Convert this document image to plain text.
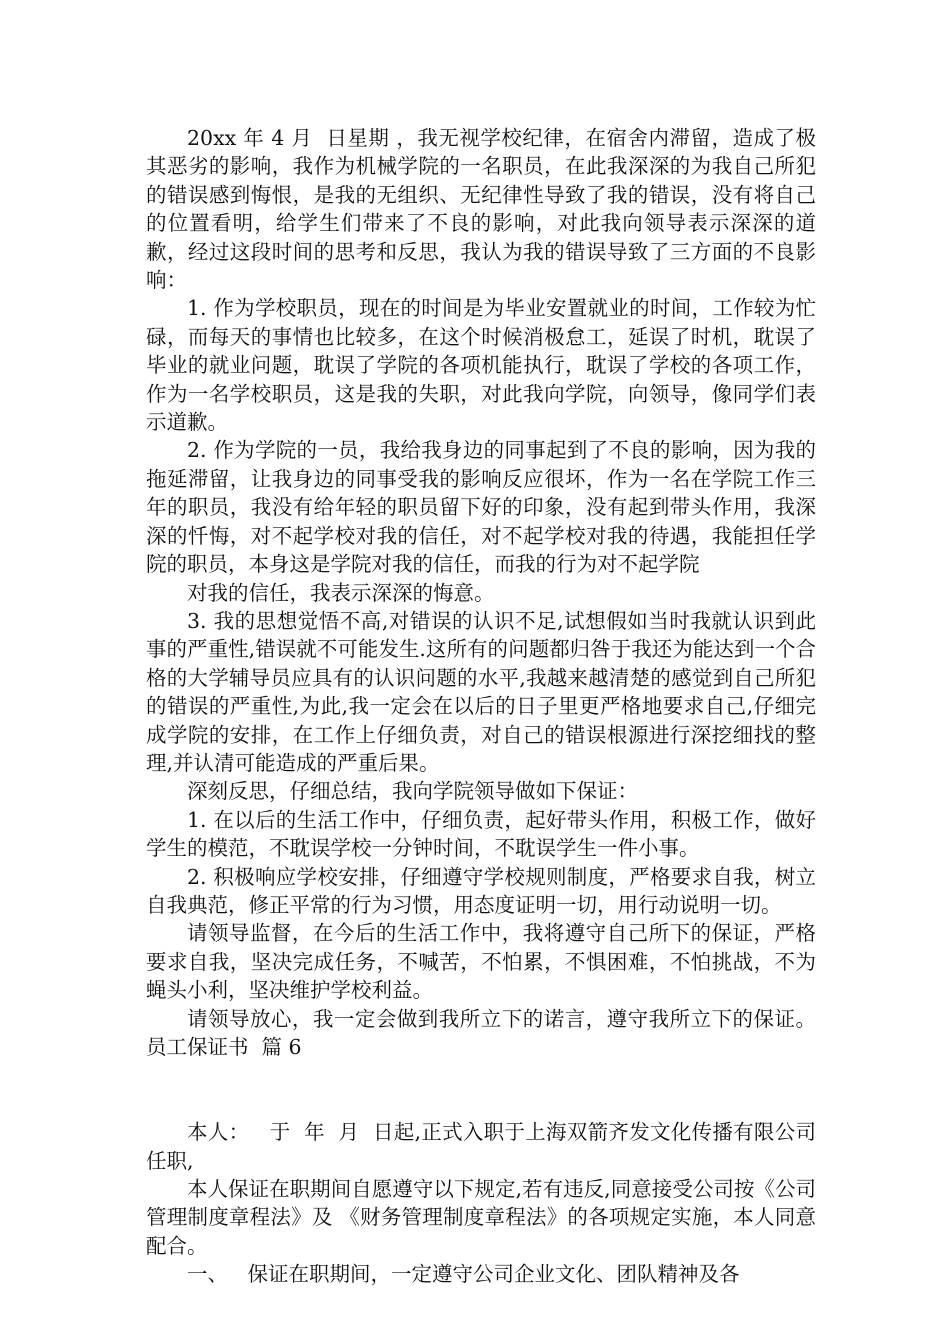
20xx 年 4 月  日星期 ，我无视学校纪律，在宿舍内滞留，造成了极其恶劣的影响，我作为机械学院的一名职员，在此我深深的为我自己所犯的错误感到悔恨，是我的无组织、无纪律性导致了我的错误，没有将自己的位置看明，给学生们带来了不良的影响，对此我向领导表示深深的道歉，经过这段时间的思考和反思，我认为我的错误导致了三方面的不良影响：

1. 作为学校职员，现在的时间是为毕业安置就业的时间，工作较为忙碌，而每天的事情也比较多，在这个时候消极怠工，延误了时机，耽误了毕业的就业问题，耽误了学院的各项机能执行，耽误了学校的各项工作，作为一名学校职员，这是我的失职，对此我向学院，向领导，像同学们表示道歉。

2. 作为学院的一员，我给我身边的同事起到了不良的影响，因为我的拖延滞留，让我身边的同事受我的影响反应很坏，作为一名在学院工作三年的职员，我没有给年轻的职员留下好的印象，没有起到带头作用，我深深的忏悔，对不起学校对我的信任，对不起学校对我的待遇，我能担任学院的职员，本身这是学院对我的信任，而我的行为对不起学院

对我的信任，我表示深深的悔意。

3. 我的思想觉悟不高,对错误的认识不足,试想假如当时我就认识到此事的严重性,错误就不可能发生.这所有的问题都归咎于我还为能达到一个合格的大学辅导员应具有的认识问题的水平,我越来越清楚的感觉到自己所犯的错误的严重性,为此,我一定会在以后的日子里更严格地要求自己,仔细完成学院的安排，在工作上仔细负责，对自己的错误根源进行深挖细找的整理,并认清可能造成的严重后果。

深刻反思，仔细总结，我向学院领导做如下保证：

1. 在以后的生活工作中，仔细负责，起好带头作用，积极工作，做好学生的模范，不耽误学校一分钟时间，不耽误学生一件小事。

2. 积极响应学校安排，仔细遵守学校规则制度，严格要求自我，树立自我典范，修正平常的行为习惯，用态度证明一切，用行动说明一切。

请领导监督，在今后的生活工作中，我将遵守自己所下的保证，严格要求自我，坚决完成任务，不喊苦，不怕累，不惧困难，不怕挑战，不为蝇头小利，坚决维护学校利益。

请领导放心，我一定会做到我所立下的诺言，遵守我所立下的保证。员工保证书  篇 6

本人：   于  年  月  日起,正式入职于上海双箭齐发文化传播有限公司任职,

本人保证在职期间自愿遵守以下规定,若有违反,同意接受公司按《公司管理制度章程法》及 《财务管理制度章程法》的各项规定实施，本人同意配合。

一、   保证在职期间，一定遵守公司企业文化、团队精神及各
